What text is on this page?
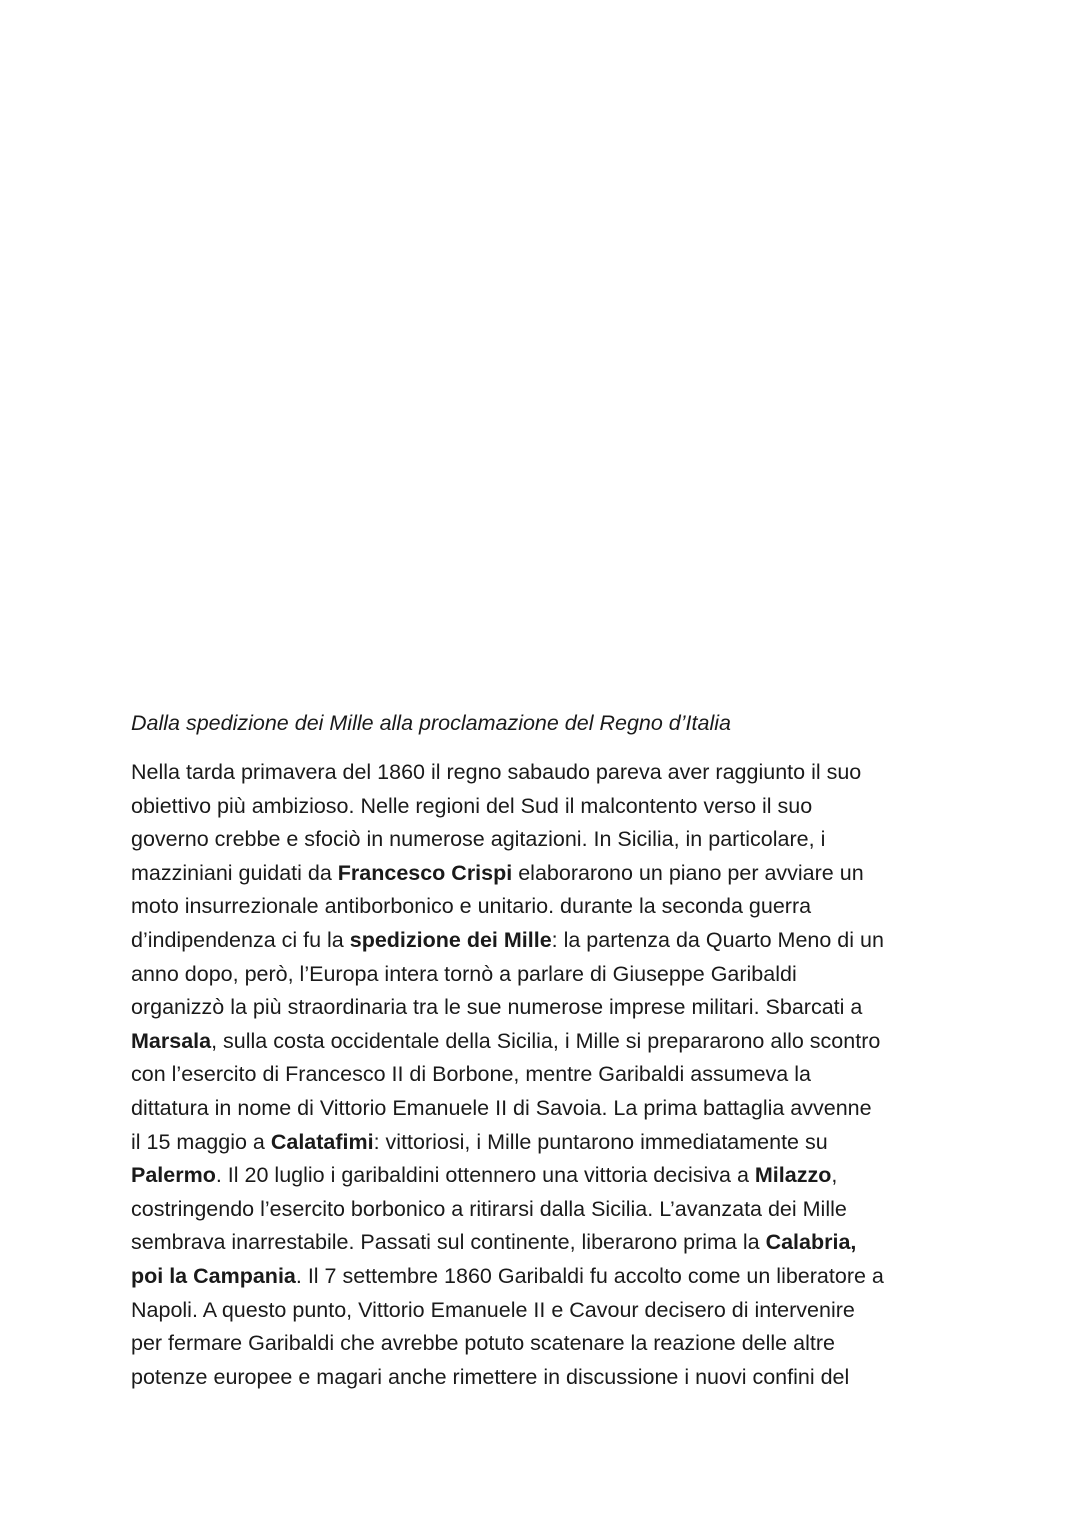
Dalla spedizione dei Mille alla proclamazione del Regno d’Italia

Nella tarda primavera del 1860 il regno sabaudo pareva aver raggiunto il suo
obiettivo più ambizioso. Nelle regioni del Sud il malcontento verso il suo
governo crebbe e sfociò in numerose agitazioni. In Sicilia, in particolare, i
mazziniani guidati da Francesco Crispi elaborarono un piano per avviare un
moto insurrezionale antiborbonico e unitario. durante la seconda guerra
d’indipendenza ci fu la spedizione dei Mille: la partenza da Quarto Meno di un
anno dopo, però, l’Europa intera tornò a parlare di Giuseppe Garibaldi
organizzò la più straordinaria tra le sue numerose imprese militari. Sbarcati a
Marsala, sulla costa occidentale della Sicilia, i Mille si prepararono allo scontro
con l’esercito di Francesco II di Borbone, mentre Garibaldi assumeva la
dittatura in nome di Vittorio Emanuele II di Savoia. La prima battaglia avvenne
il 15 maggio a Calatafimi: vittoriosi, i Mille puntarono immediatamente su
Palermo. Il 20 luglio i garibaldini ottennero una vittoria decisiva a Milazzo,
costringendo l’esercito borbonico a ritirarsi dalla Sicilia. L’avanzata dei Mille
sembrava inarrestabile. Passati sul continente, liberarono prima la Calabria,
poi la Campania. Il 7 settembre 1860 Garibaldi fu accolto come un liberatore a
Napoli. A questo punto, Vittorio Emanuele II e Cavour decisero di intervenire
per fermare Garibaldi che avrebbe potuto scatenare la reazione delle altre
potenze europee e magari anche rimettere in discussione i nuovi confini del
